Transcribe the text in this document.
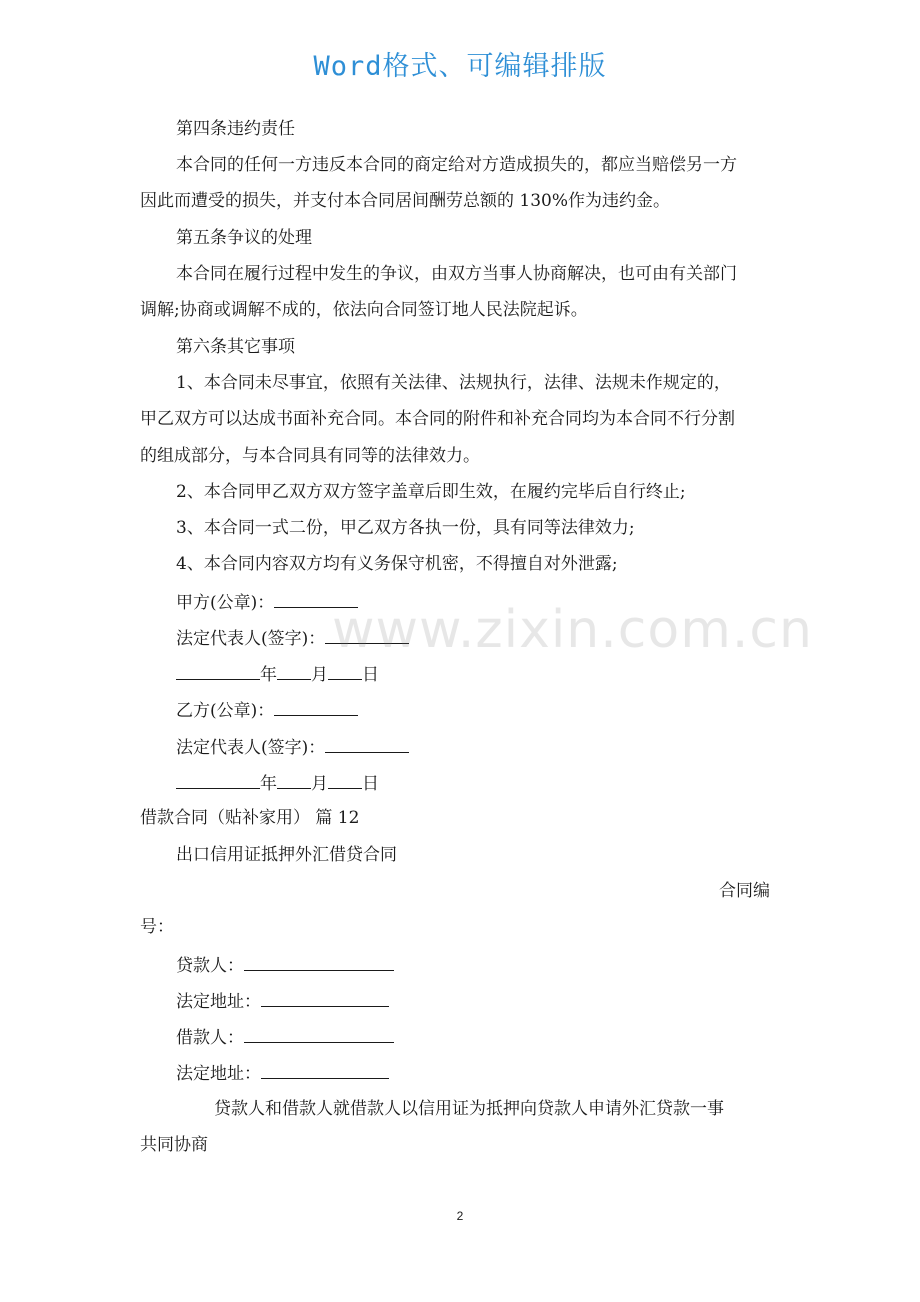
Word格式、可编辑排版
第四条违约责任
本合同的任何一方违反本合同的商定给对方造成损失的，都应当赔偿另一方
因此而遭受的损失，并支付本合同居间酬劳总额的 130%作为违约金。
第五条争议的处理
本合同在履行过程中发生的争议，由双方当事人协商解决，也可由有关部门
调解;协商或调解不成的，依法向合同签订地人民法院起诉。
第六条其它事项
1、本合同未尽事宜，依照有关法律、法规执行，法律、法规未作规定的，
甲乙双方可以达成书面补充合同。本合同的附件和补充合同均为本合同不行分割
的组成部分，与本合同具有同等的法律效力。
2、本合同甲乙双方双方签字盖章后即生效，在履约完毕后自行终止;
3、本合同一式二份，甲乙双方各执一份，具有同等法律效力;
4、本合同内容双方均有义务保守机密，不得擅自对外泄露;
甲方(公章)：
法定代表人(签字)：
年 月 日
乙方(公章)：
法定代表人(签字)：
年 月 日
借款合同（贴补家用） 篇 12
出口信用证抵押外汇借贷合同
合同编
号：
贷款人：
法定地址：
借款人：
法定地址：
贷款人和借款人就借款人以信用证为抵押向贷款人申请外汇贷款一事
共同协商
www.zixin.com.cn
2
